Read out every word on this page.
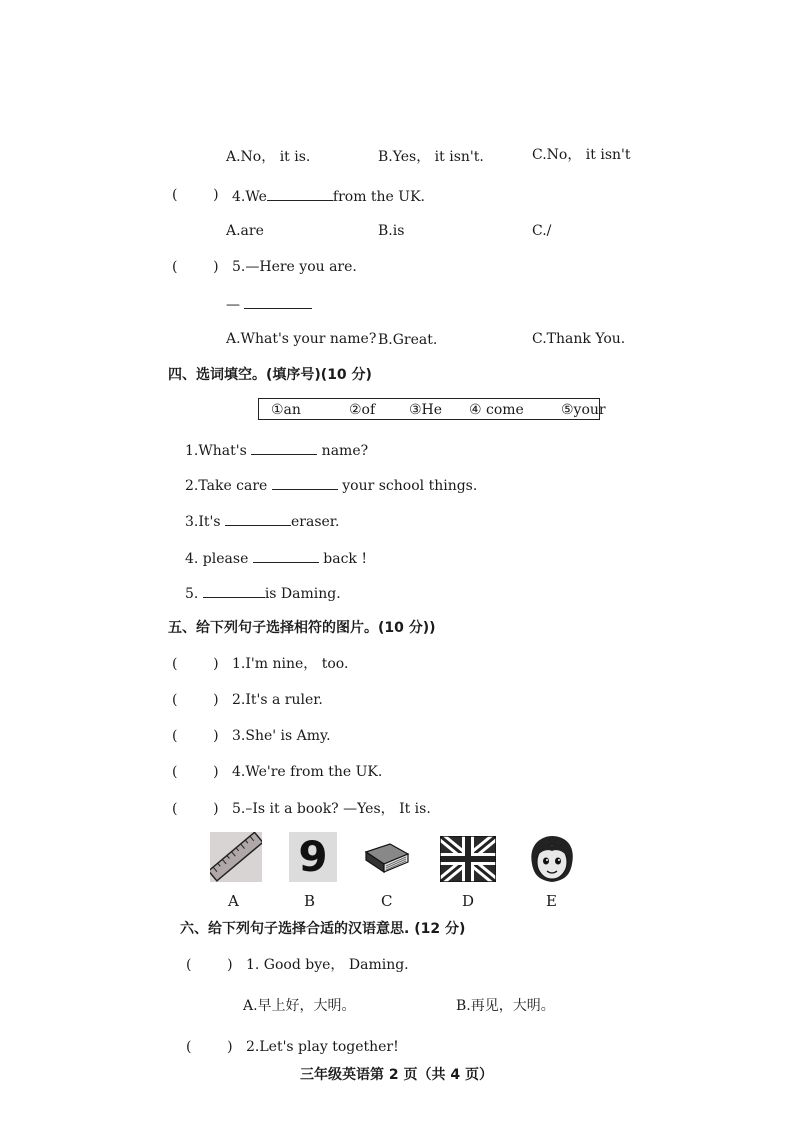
A.No， it is.	B.Yes， it isn't.	C.No， it isn't
(        ) 4.We	from the UK.
A.are	B.is	C./
(        ) 5.—Here you are.
—
A.What's your name? B.Great.	C.Thank You.
四、选词填空。(填序号)(10 分)
①an	②of ③He ④ come	⑤your
1.What's	name?
2.Take care	your school things.
3.It's	eraser.
4. please	back !
5.	is Daming.
五、给下列句子选择相符的图片。(10 分))
(        ) 1.I'm nine， too.
(        ) 2.It's a ruler.
(        ) 3.She' is Amy.
(        ) 4.We're from the UK.
(        ) 5.–Is it a book? —Yes， It is.
9
A	B	C	D	E
六、给下列句子选择合适的汉语意思. (12 分)
(        ) 1. Good bye， Daming.
A.早上好，大明。	B.再见，大明。
(        ) 2.Let's play together!
三年级英语第 2 页（共 4 页）
